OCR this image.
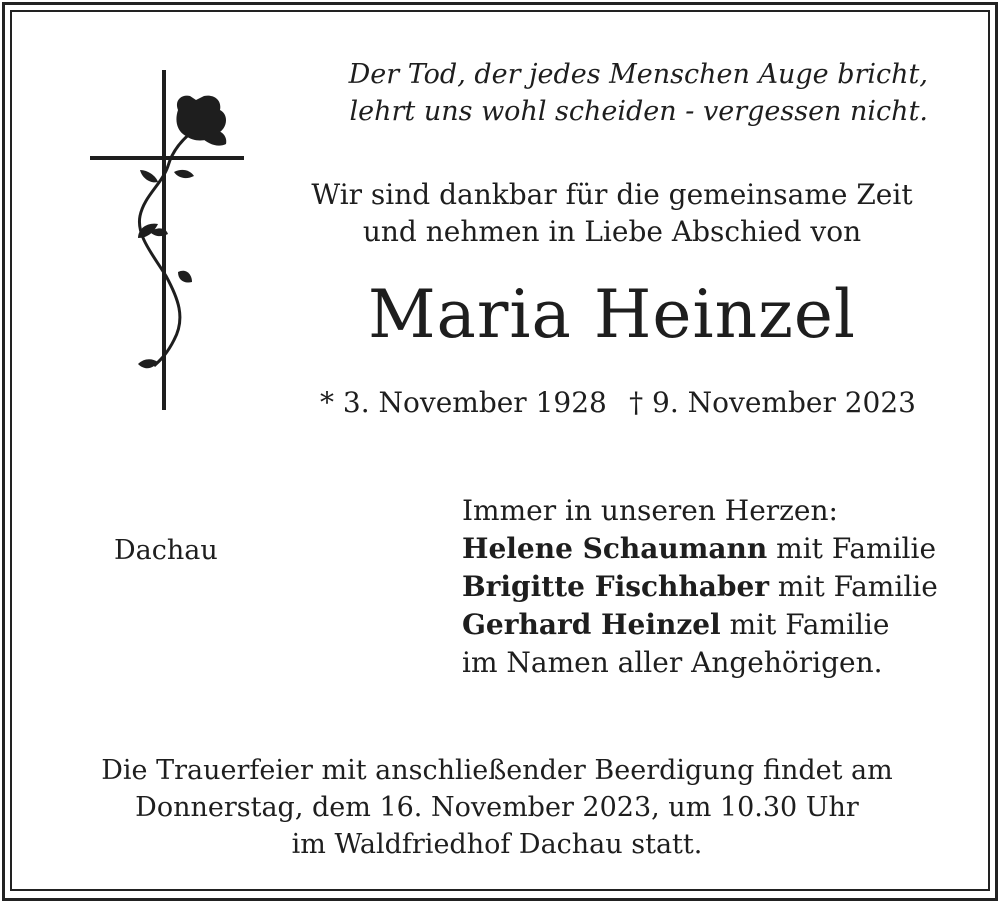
Der Tod, der jedes Menschen Auge bricht,
lehrt uns wohl scheiden - vergessen nicht.
Wir sind dankbar für die gemeinsame Zeit
und nehmen in Liebe Abschied von
Maria Heinzel
* 3. November 1928 † 9. November 2023
Dachau
Immer in unseren Herzen:
Helene Schaumann mit Familie
Brigitte Fischhaber mit Familie
Gerhard Heinzel mit Familie
im Namen aller Angehörigen.
Die Trauerfeier mit anschließender Beerdigung findet am
Donnerstag, dem 16. November 2023, um 10.30 Uhr
im Waldfriedhof Dachau statt.
